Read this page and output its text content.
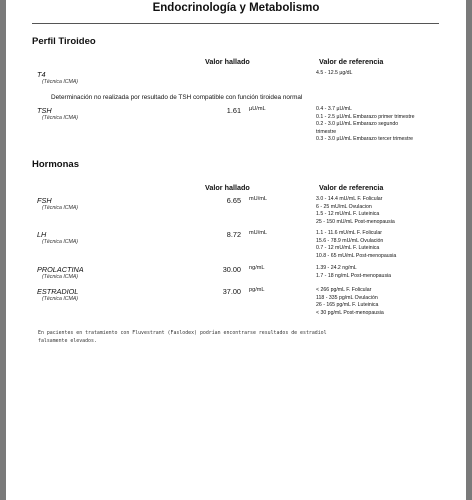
Endocrinología y Metabolismo
Perfil Tiroideo
Valor hallado	Valor de referencia
T4
(Técnica ICMA)
4.5 - 12.5 µg/dL
Determinación no realizada por resultado de TSH compatible con función tiroidea normal
TSH
(Técnica ICMA)
1.61 µU/mL	0.4 - 3.7 µU/mL
0.1 - 2.5 µU/mL Embarazo primer trimestre
0.2 - 3.0 µU/mL Embarazo segundo
trimestre
0.3 - 3.0 µU/mL Embarazo tercer trimestre
Hormonas
Valor hallado	Valor de referencia
FSH
(Técnica ICMA)
6.65 mU/mL	3.0 - 14.4 mU/mL F. Folicular
6 - 25 mU/mL Ovulacion
1.5 - 12 mU/mL F. Luteinica
25 - 150 mU/mL Post-menopausia
LH
(Técnica ICMA)
8.72 mU/mL	1.1 - 11.6 mU/mL F. Folicular
15.6 - 78.9 mU/mL Ovulación
0.7 - 12 mU/mL F. Luteinica
10.8 - 65 mU/mL Post-menopausia
PROLACTINA
(Técnica ICMA)
30.00 ng/mL	1.39 - 24.2 ng/mL
1.7 - 18 ng/mL Post-menopausia
ESTRADIOL
(Técnica ICMA)
37.00 pg/mL	< 266 pg/mL F. Folicular
118 - 335 pg/mL Ovulación
26 - 165 pg/mL F. Luteinica
< 30 pg/mL Post-menopausia
En pacientes en tratamiento con Fluvestrant (Faslodex) podrían encontrarse resultados de estradiol
falsamente elevados.
